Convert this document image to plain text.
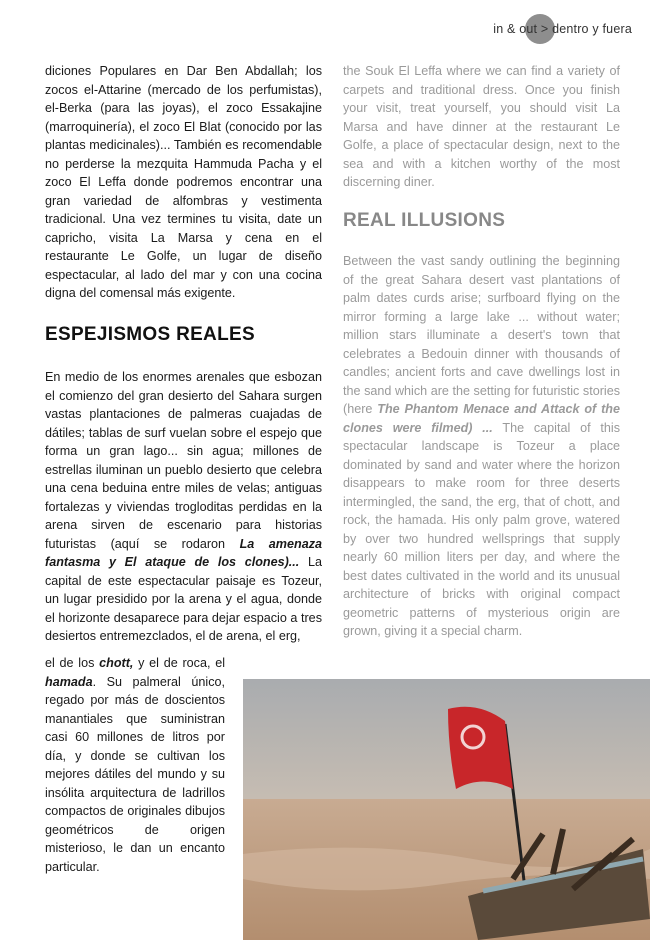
in & out > dentro y fuera

diciones Populares en Dar Ben Abdallah; los zocos el-Attarine (mercado de los perfumistas), el-Berka (para las joyas), el zoco Essakajine (marroquinería), el zoco El Blat (conocido por las plantas medicinales)... También es recomendable no perderse la mezquita Hammuda Pacha y el zoco El Leffa donde podremos encontrar una gran variedad de alfombras y vestimenta tradicional. Una vez termines tu visita, date un capricho, visita La Marsa y cena en el restaurante Le Golfe, un lugar de diseño espectacular, al lado del mar y con una cocina digna del comensal más exigente.

ESPEJISMOS REALES

En medio de los enormes arenales que esbozan el comienzo del gran desierto del Sahara surgen vastas plantaciones de palmeras cuajadas de dátiles; tablas de surf vuelan sobre el espejo que forma un gran lago... sin agua; millones de estrellas iluminan un pueblo desierto que celebra una cena beduina entre miles de velas; antiguas fortalezas y viviendas trogloditas perdidas en la arena sirven de escenario para historias futuristas (aquí se rodaron La amenaza fantasma y El ataque de los clones)... La capital de este espectacular paisaje es Tozeur, un lugar presidido por la arena y el agua, donde el horizonte desaparece para dejar espacio a tres desiertos entremezclados, el de arena, el erg,

el de los chott, y el de roca, el hamada. Su palmeral único, regado por más de doscientos manantiales que suministran casi 60 millones de litros por día, y donde se cultivan los mejores dátiles del mundo y su insólita arquitectura de ladrillos compactos de originales dibujos geométricos de origen misterioso, le dan un encanto particular.

the Souk El Leffa where we can find a variety of carpets and traditional dress. Once you finish your visit, treat yourself, you should visit La Marsa and have dinner at the restaurant Le Golfe, a place of spectacular design, next to the sea and with a kitchen worthy of the most discerning diner.

REAL ILLUSIONS

Between the vast sandy outlining the beginning of the great Sahara desert vast plantations of palm dates curds arise; surfboard flying on the mirror forming a large lake ... without water; million stars illuminate a desert's town that celebrates a Bedouin dinner with thousands of candles; ancient forts and cave dwellings lost in the sand which are the setting for futuristic stories (here The Phantom Menace and Attack of the clones were filmed) ... The capital of this spectacular landscape is Tozeur a place dominated by sand and water where the horizon disappears to make room for three deserts intermingled, the sand, the erg, that of chott, and rock, the hamada. His only palm grove, watered by over two hundred wellsprings that supply nearly 60 million liters per day, and where the best dates cultivated in the world and its unusual architecture of bricks with original compact geometric patterns of mysterious origin are grown, giving it a special charm.
